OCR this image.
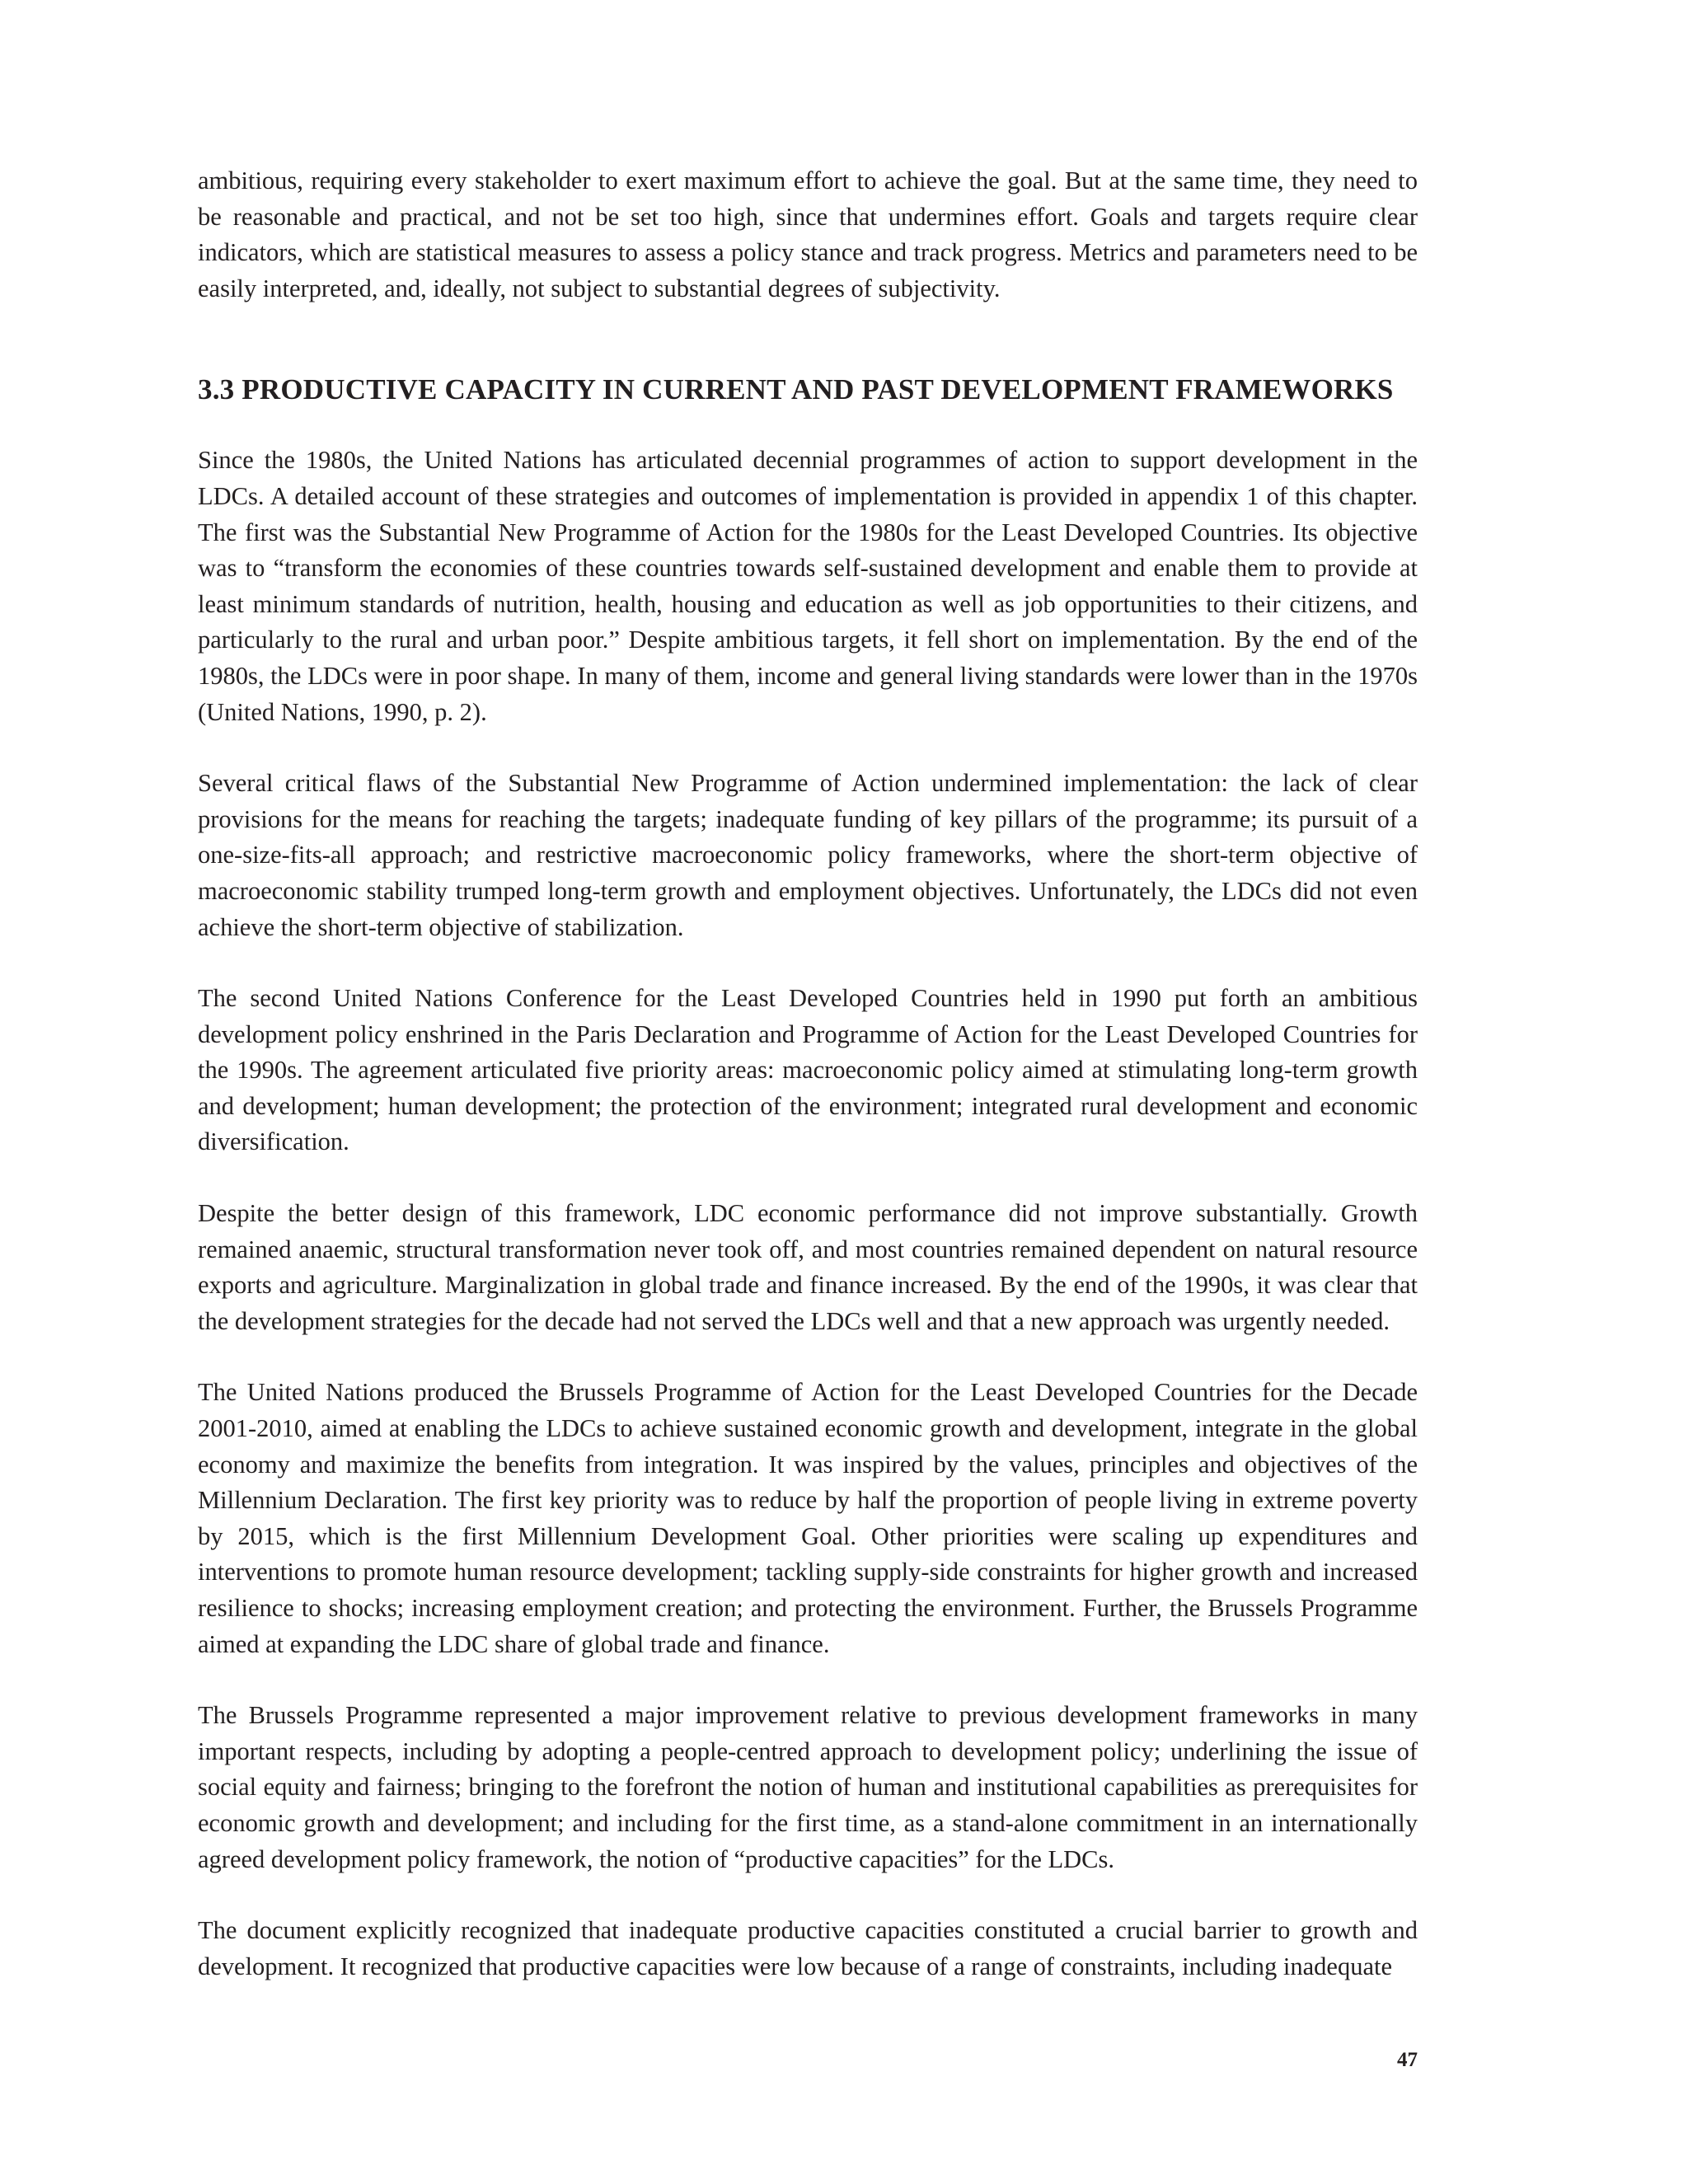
ambitious, requiring every stakeholder to exert maximum effort to achieve the goal. But at the same time, they need to be reasonable and practical, and not be set too high, since that undermines effort. Goals and targets require clear indicators, which are statistical measures to assess a policy stance and track progress. Metrics and parameters need to be easily interpreted, and, ideally, not subject to substantial degrees of subjectivity.

3.3 PRODUCTIVE CAPACITY IN CURRENT AND PAST DEVELOPMENT FRAMEWORKS

Since the 1980s, the United Nations has articulated decennial programmes of action to support development in the LDCs. A detailed account of these strategies and outcomes of implementation is provided in appendix 1 of this chapter. The first was the Substantial New Programme of Action for the 1980s for the Least Developed Countries. Its objective was to “transform the economies of these countries towards self-sustained development and enable them to provide at least minimum standards of nutrition, health, housing and education as well as job opportunities to their citizens, and particularly to the rural and urban poor.” Despite ambitious targets, it fell short on implementation. By the end of the 1980s, the LDCs were in poor shape. In many of them, income and general living standards were lower than in the 1970s (United Nations, 1990, p. 2).

Several critical flaws of the Substantial New Programme of Action undermined implementation: the lack of clear provisions for the means for reaching the targets; inadequate funding of key pillars of the programme; its pursuit of a one-size-fits-all approach; and restrictive macroeconomic policy frameworks, where the short-term objective of macroeconomic stability trumped long-term growth and employment objectives. Unfortunately, the LDCs did not even achieve the short-term objective of stabilization.

The second United Nations Conference for the Least Developed Countries held in 1990 put forth an ambitious development policy enshrined in the Paris Declaration and Programme of Action for the Least Developed Countries for the 1990s. The agreement articulated five priority areas: macroeconomic policy aimed at stimulating long-term growth and development; human development; the protection of the environment; integrated rural development and economic diversification.

Despite the better design of this framework, LDC economic performance did not improve substantially. Growth remained anaemic, structural transformation never took off, and most countries remained dependent on natural resource exports and agriculture. Marginalization in global trade and finance increased. By the end of the 1990s, it was clear that the development strategies for the decade had not served the LDCs well and that a new approach was urgently needed.

The United Nations produced the Brussels Programme of Action for the Least Developed Countries for the Decade 2001-2010, aimed at enabling the LDCs to achieve sustained economic growth and development, integrate in the global economy and maximize the benefits from integration. It was inspired by the values, principles and objectives of the Millennium Declaration. The first key priority was to reduce by half the proportion of people living in extreme poverty by 2015, which is the first Millennium Development Goal. Other priorities were scaling up expenditures and interventions to promote human resource development; tackling supply-side constraints for higher growth and increased resilience to shocks; increasing employment creation; and protecting the environment. Further, the Brussels Programme aimed at expanding the LDC share of global trade and finance.

The Brussels Programme represented a major improvement relative to previous development frameworks in many important respects, including by adopting a people-centred approach to development policy; underlining the issue of social equity and fairness; bringing to the forefront the notion of human and institutional capabilities as prerequisites for economic growth and development; and including for the first time, as a stand-alone commitment in an internationally agreed development policy framework, the notion of “productive capacities” for the LDCs.

The document explicitly recognized that inadequate productive capacities constituted a crucial barrier to growth and development. It recognized that productive capacities were low because of a range of constraints, including inadequate

47
